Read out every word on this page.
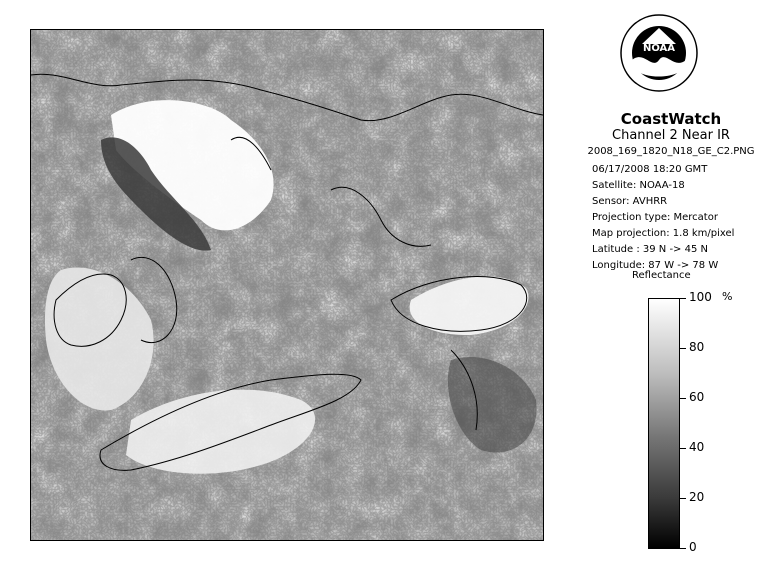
NOAA
CoastWatch
Channel 2 Near IR
2008_169_1820_N18_GE_C2.PNG
06/17/2008 18:20 GMT
Satellite: NOAA-18
Sensor: AVHRR
Projection type: Mercator
Map projection: 1.8 km/pixel
Latitude : 39 N -> 45 N
Longitude: 87 W -> 78 W
Reflectance
%
100
80
60
40
20
0
